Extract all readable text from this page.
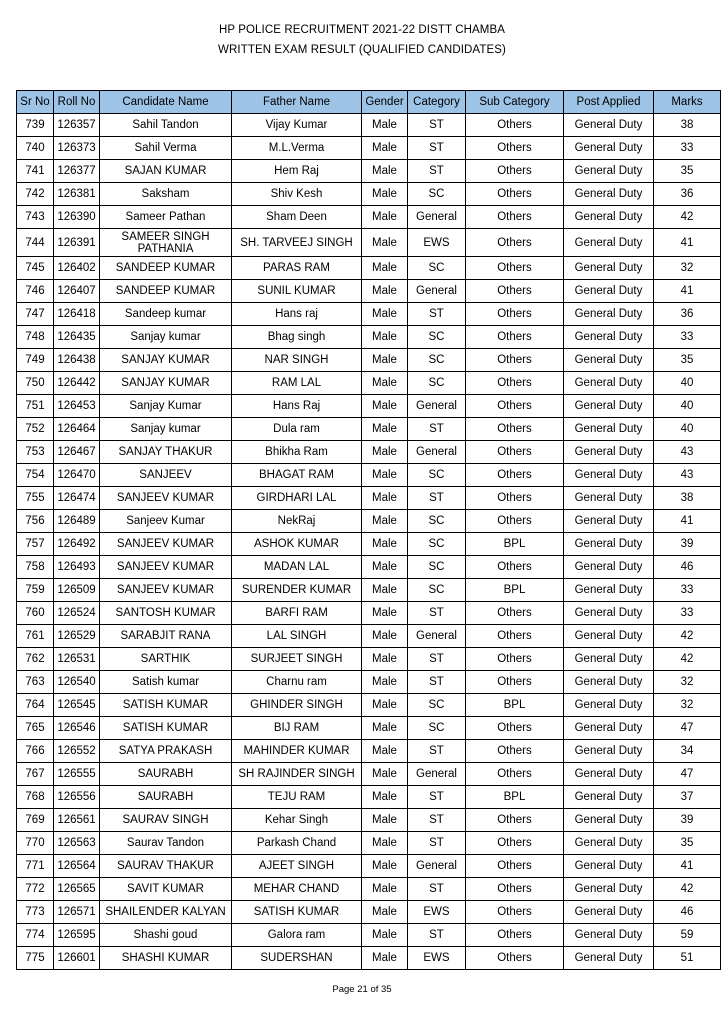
HP POLICE RECRUITMENT 2021-22 DISTT CHAMBA
WRITTEN EXAM RESULT (QUALIFIED CANDIDATES)
Sr No	Roll No	Candidate Name	Father Name	Gender	Category	Sub Category	Post Applied	Marks
739	126357	Sahil Tandon	Vijay Kumar	Male	ST	Others	General Duty	38
740	126373	Sahil Verma	M.L.Verma	Male	ST	Others	General Duty	33
741	126377	SAJAN KUMAR	Hem Raj	Male	ST	Others	General Duty	35
742	126381	Saksham	Shiv Kesh	Male	SC	Others	General Duty	36
743	126390	Sameer Pathan	Sham Deen	Male	General	Others	General Duty	42
744	126391	SAMEER SINGH PATHANIA	SH. TARVEEJ SINGH	Male	EWS	Others	General Duty	41
745	126402	SANDEEP KUMAR	PARAS RAM	Male	SC	Others	General Duty	32
746	126407	SANDEEP KUMAR	SUNIL KUMAR	Male	General	Others	General Duty	41
747	126418	Sandeep kumar	Hans raj	Male	ST	Others	General Duty	36
748	126435	Sanjay kumar	Bhag singh	Male	SC	Others	General Duty	33
749	126438	SANJAY KUMAR	NAR SINGH	Male	SC	Others	General Duty	35
750	126442	SANJAY KUMAR	RAM LAL	Male	SC	Others	General Duty	40
751	126453	Sanjay Kumar	Hans Raj	Male	General	Others	General Duty	40
752	126464	Sanjay kumar	Dula ram	Male	ST	Others	General Duty	40
753	126467	SANJAY THAKUR	Bhikha Ram	Male	General	Others	General Duty	43
754	126470	SANJEEV	BHAGAT RAM	Male	SC	Others	General Duty	43
755	126474	SANJEEV KUMAR	GIRDHARI LAL	Male	ST	Others	General Duty	38
756	126489	Sanjeev Kumar	NekRaj	Male	SC	Others	General Duty	41
757	126492	SANJEEV KUMAR	ASHOK KUMAR	Male	SC	BPL	General Duty	39
758	126493	SANJEEV KUMAR	MADAN LAL	Male	SC	Others	General Duty	46
759	126509	SANJEEV KUMAR	SURENDER KUMAR	Male	SC	BPL	General Duty	33
760	126524	SANTOSH KUMAR	BARFI RAM	Male	ST	Others	General Duty	33
761	126529	SARABJIT RANA	LAL SINGH	Male	General	Others	General Duty	42
762	126531	SARTHIK	SURJEET SINGH	Male	ST	Others	General Duty	42
763	126540	Satish kumar	Charnu ram	Male	ST	Others	General Duty	32
764	126545	SATISH KUMAR	GHINDER SINGH	Male	SC	BPL	General Duty	32
765	126546	SATISH KUMAR	BIJ RAM	Male	SC	Others	General Duty	47
766	126552	SATYA PRAKASH	MAHINDER KUMAR	Male	ST	Others	General Duty	34
767	126555	SAURABH	SH RAJINDER SINGH	Male	General	Others	General Duty	47
768	126556	SAURABH	TEJU RAM	Male	ST	BPL	General Duty	37
769	126561	SAURAV SINGH	Kehar Singh	Male	ST	Others	General Duty	39
770	126563	Saurav Tandon	Parkash Chand	Male	ST	Others	General Duty	35
771	126564	SAURAV THAKUR	AJEET SINGH	Male	General	Others	General Duty	41
772	126565	SAVIT KUMAR	MEHAR CHAND	Male	ST	Others	General Duty	42
773	126571	SHAILENDER KALYAN	SATISH KUMAR	Male	EWS	Others	General Duty	46
774	126595	Shashi goud	Galora ram	Male	ST	Others	General Duty	59
775	126601	SHASHI KUMAR	SUDERSHAN	Male	EWS	Others	General Duty	51
Page 21 of 35
